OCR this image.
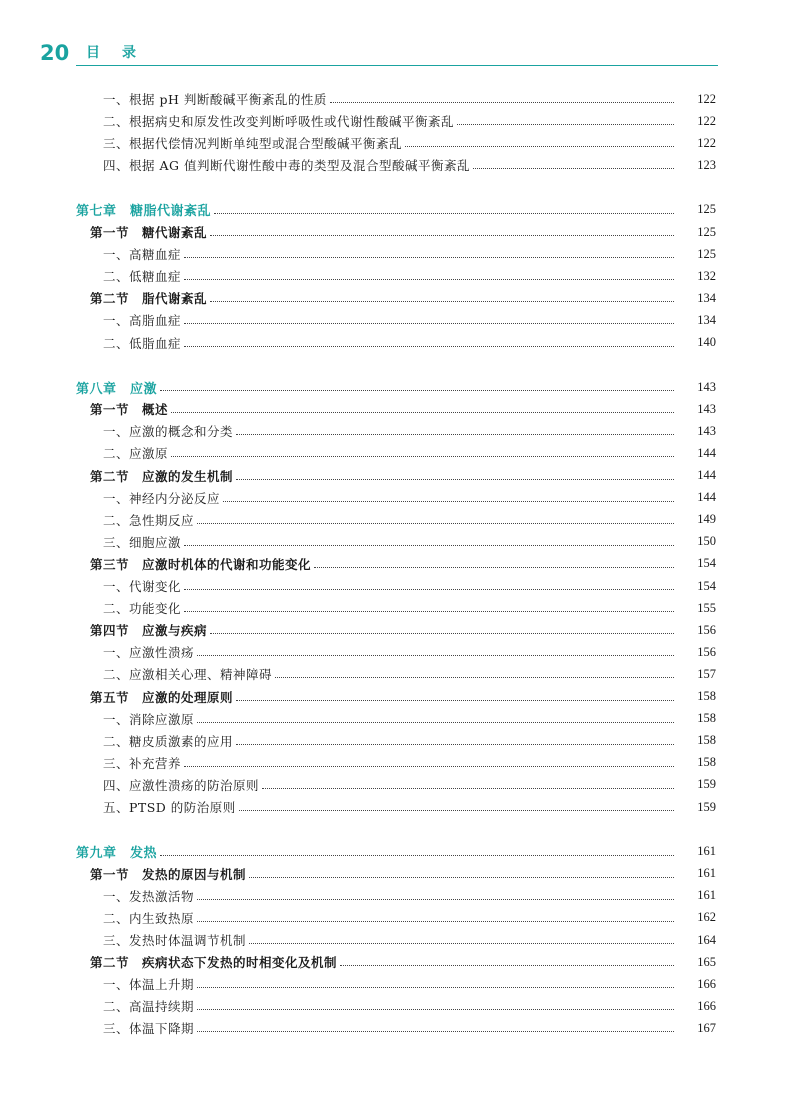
20 目录
一、根据 pH 判断酸碱平衡紊乱的性质	122
二、根据病史和原发性改变判断呼吸性或代谢性酸碱平衡紊乱	122
三、根据代偿情况判断单纯型或混合型酸碱平衡紊乱	122
四、根据 AG 值判断代谢性酸中毒的类型及混合型酸碱平衡紊乱	123
第七章　糖脂代谢紊乱	125
第一节　糖代谢紊乱	125
一、高糖血症	125
二、低糖血症	132
第二节　脂代谢紊乱	134
一、高脂血症	134
二、低脂血症	140
第八章　应激	143
第一节　概述	143
一、应激的概念和分类	143
二、应激原	144
第二节　应激的发生机制	144
一、神经内分泌反应	144
二、急性期反应	149
三、细胞应激	150
第三节　应激时机体的代谢和功能变化	154
一、代谢变化	154
二、功能变化	155
第四节　应激与疾病	156
一、应激性溃疡	156
二、应激相关心理、精神障碍	157
第五节　应激的处理原则	158
一、消除应激原	158
二、糖皮质激素的应用	158
三、补充营养	158
四、应激性溃疡的防治原则	159
五、PTSD 的防治原则	159
第九章　发热	161
第一节　发热的原因与机制	161
一、发热激活物	161
二、内生致热原	162
三、发热时体温调节机制	164
第二节　疾病状态下发热的时相变化及机制	165
一、体温上升期	166
二、高温持续期	166
三、体温下降期	167
